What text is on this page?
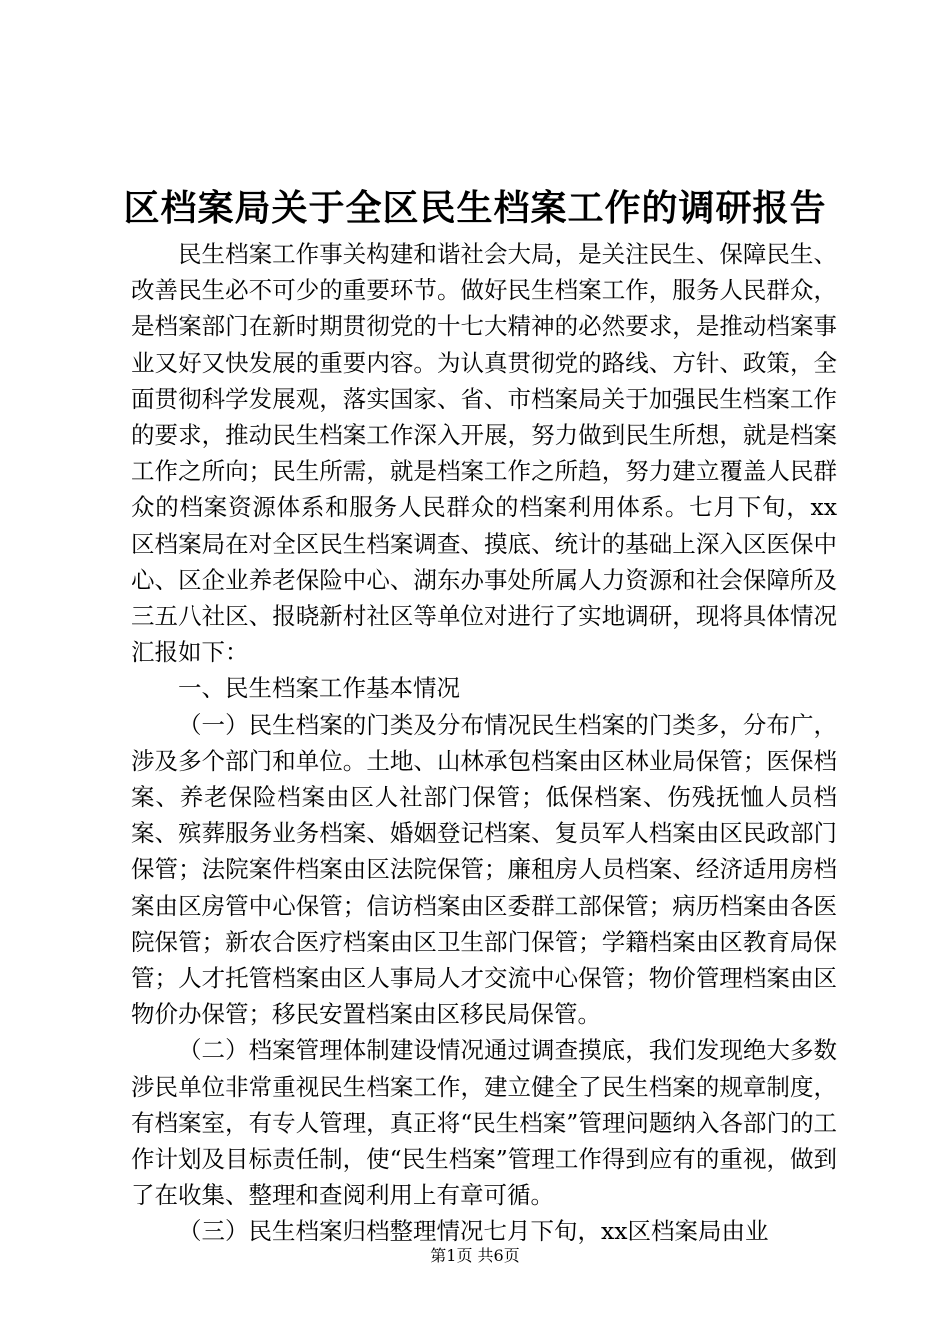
区档案局关于全区民生档案工作的调研报告

民生档案工作事关构建和谐社会大局，是关注民生、保障民生、改善民生必不可少的重要环节。做好民生档案工作，服务人民群众，是档案部门在新时期贯彻党的十七大精神的必然要求，是推动档案事业又好又快发展的重要内容。为认真贯彻党的路线、方针、政策，全面贯彻科学发展观，落实国家、省、市档案局关于加强民生档案工作的要求，推动民生档案工作深入开展，努力做到民生所想，就是档案工作之所向；民生所需，就是档案工作之所趋，努力建立覆盖人民群众的档案资源体系和服务人民群众的档案利用体系。七月下旬，xx区档案局在对全区民生档案调查、摸底、统计的基础上深入区医保中心、区企业养老保险中心、湖东办事处所属人力资源和社会保障所及三五八社区、报晓新村社区等单位对进行了实地调研，现将具体情况汇报如下：

一、民生档案工作基本情况

（一）民生档案的门类及分布情况民生档案的门类多，分布广，涉及多个部门和单位。土地、山林承包档案由区林业局保管；医保档案、养老保险档案由区人社部门保管；低保档案、伤残抚恤人员档案、殡葬服务业务档案、婚姻登记档案、复员军人档案由区民政部门保管；法院案件档案由区法院保管；廉租房人员档案、经济适用房档案由区房管中心保管；信访档案由区委群工部保管；病历档案由各医院保管；新农合医疗档案由区卫生部门保管；学籍档案由区教育局保管；人才托管档案由区人事局人才交流中心保管；物价管理档案由区物价办保管；移民安置档案由区移民局保管。

（二）档案管理体制建设情况通过调查摸底，我们发现绝大多数涉民单位非常重视民生档案工作，建立健全了民生档案的规章制度，有档案室，有专人管理，真正将“民生档案”管理问题纳入各部门的工作计划及目标责任制，使“民生档案”管理工作得到应有的重视，做到了在收集、整理和查阅利用上有章可循。

（三）民生档案归档整理情况七月下旬，xx区档案局由业

第1页 共6页
